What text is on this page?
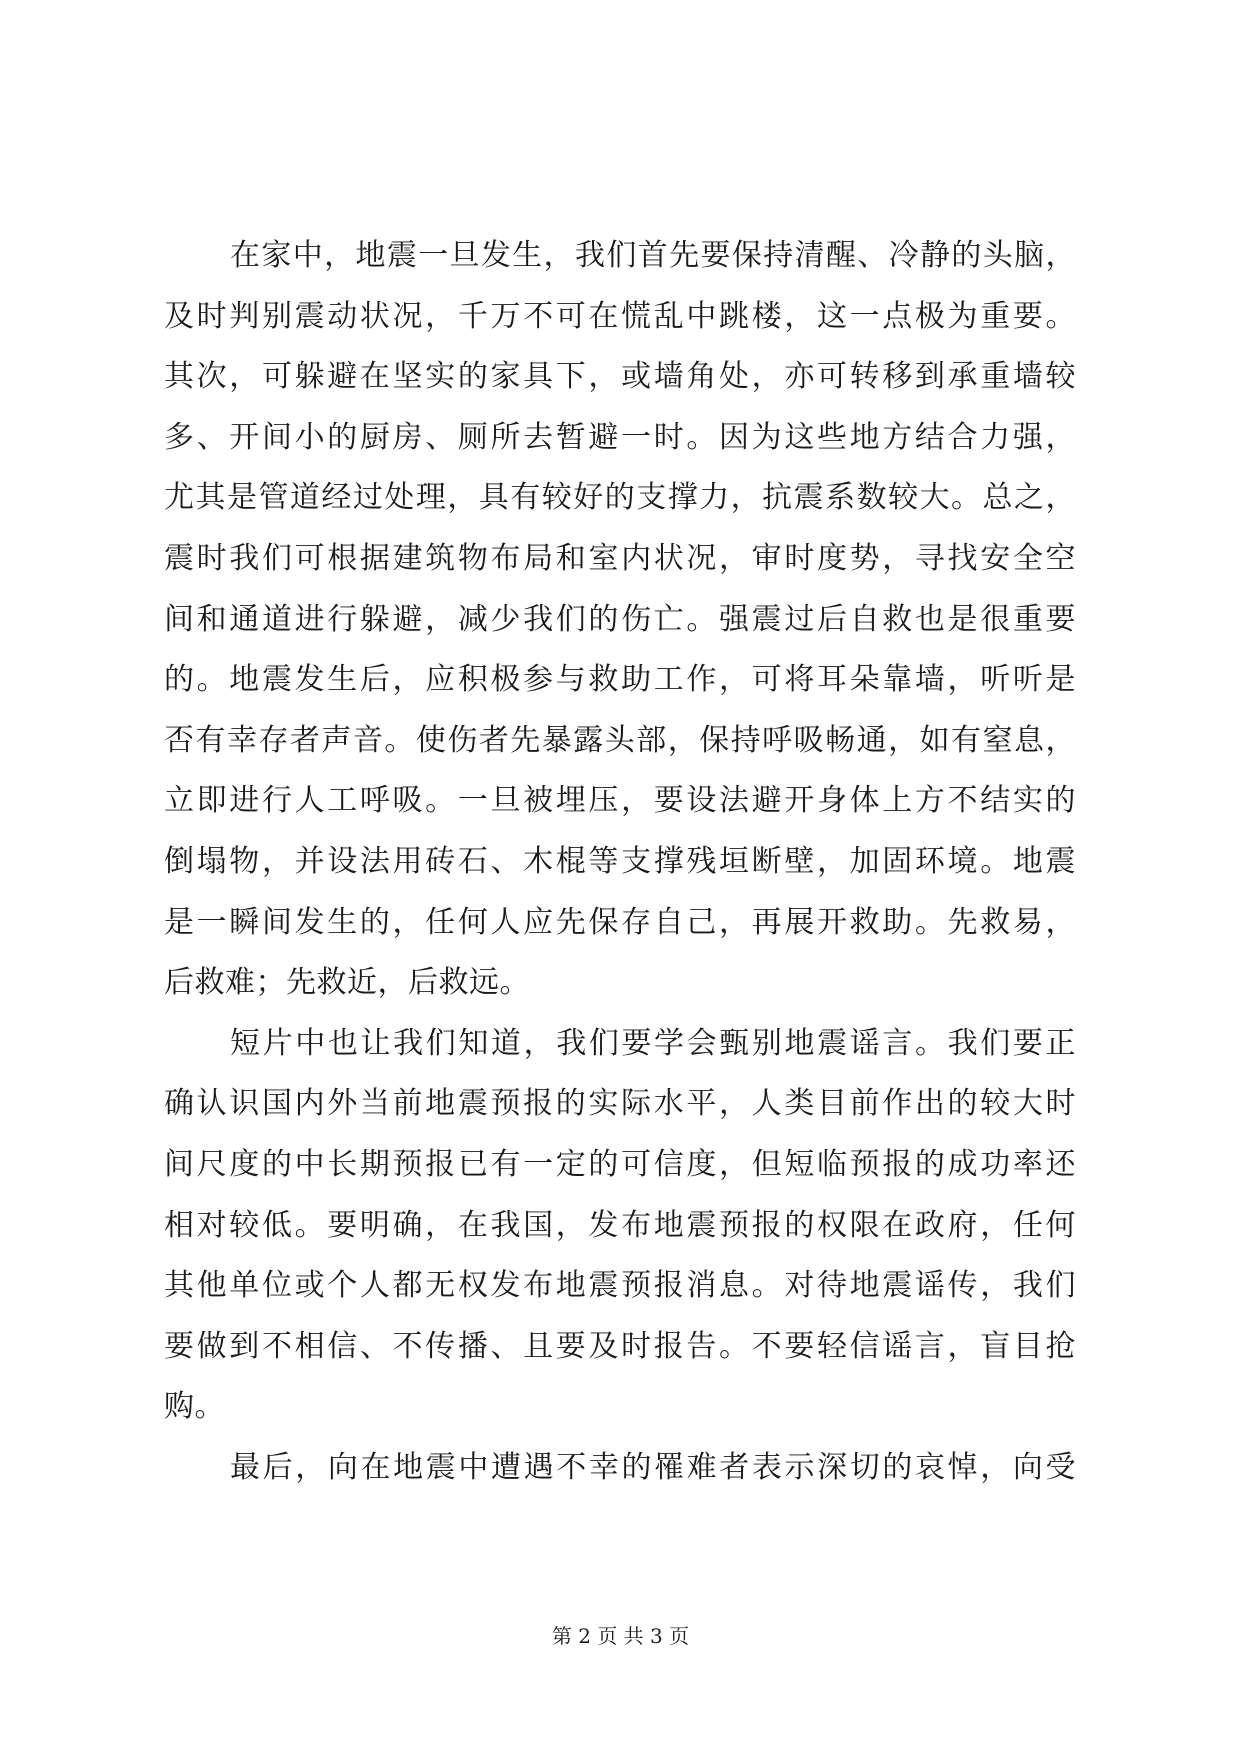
在家中，地震一旦发生，我们首先要保持清醒、冷静的头脑，
及时判别震动状况，千万不可在慌乱中跳楼，这一点极为重要。
其次，可躲避在坚实的家具下，或墙角处，亦可转移到承重墙较
多、开间小的厨房、厕所去暂避一时。因为这些地方结合力强，
尤其是管道经过处理，具有较好的支撑力，抗震系数较大。总之，
震时我们可根据建筑物布局和室内状况，审时度势，寻找安全空
间和通道进行躲避，减少我们的伤亡。强震过后自救也是很重要
的。地震发生后，应积极参与救助工作，可将耳朵靠墙，听听是
否有幸存者声音。使伤者先暴露头部，保持呼吸畅通，如有窒息，
立即进行人工呼吸。一旦被埋压，要设法避开身体上方不结实的
倒塌物，并设法用砖石、木棍等支撑残垣断壁，加固环境。地震
是一瞬间发生的，任何人应先保存自己，再展开救助。先救易，
后救难；先救近，后救远。
短片中也让我们知道，我们要学会甄别地震谣言。我们要正
确认识国内外当前地震预报的实际水平，人类目前作出的较大时
间尺度的中长期预报已有一定的可信度，但短临预报的成功率还
相对较低。要明确，在我国，发布地震预报的权限在政府，任何
其他单位或个人都无权发布地震预报消息。对待地震谣传，我们
要做到不相信、不传播、且要及时报告。不要轻信谣言，盲目抢
购。
最后，向在地震中遭遇不幸的罹难者表示深切的哀悼，向受
第 2 页 共 3 页
